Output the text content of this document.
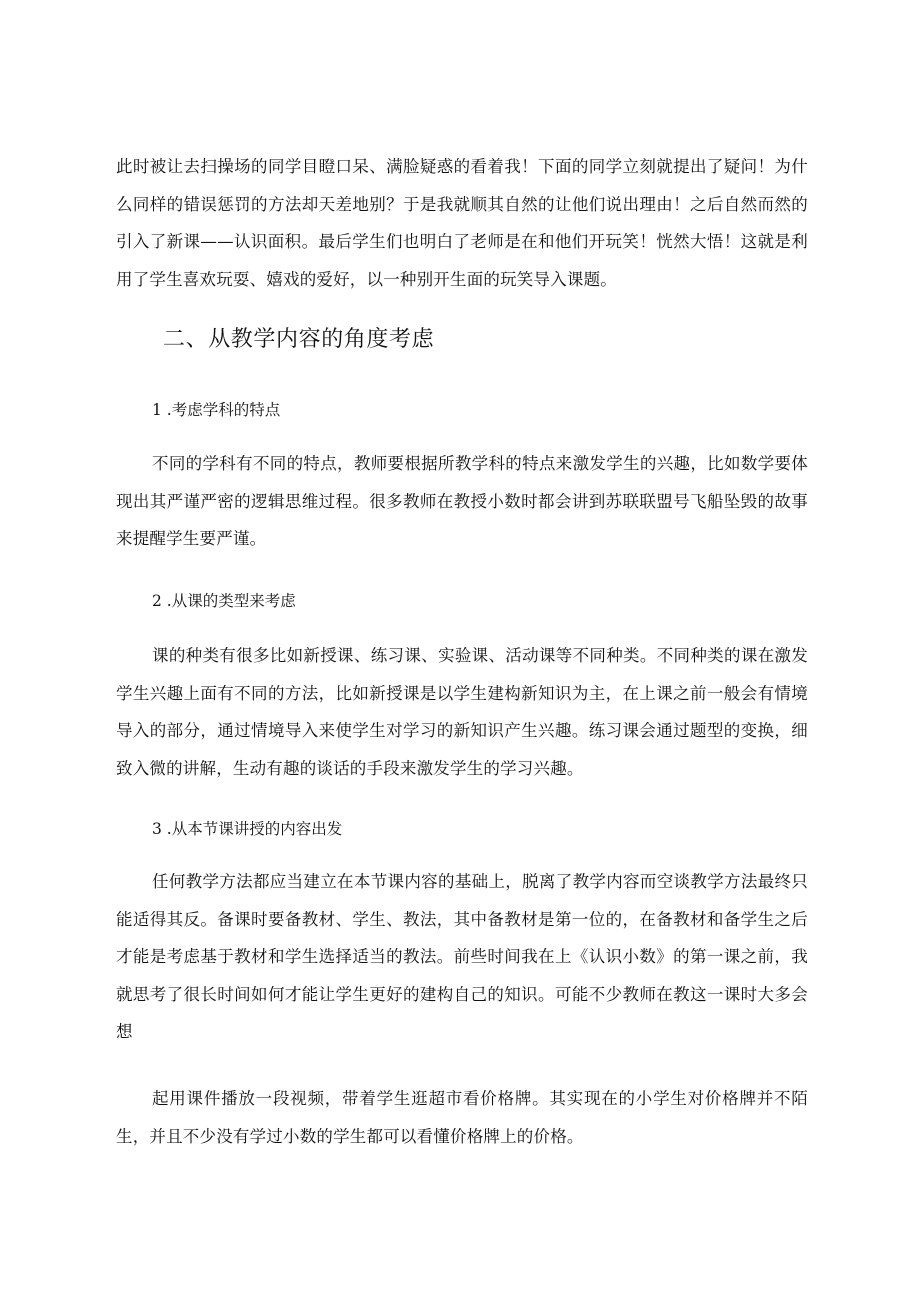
此时被让去扫操场的同学目瞪口呆、满脸疑惑的看着我！下面的同学立刻就提出了疑问！为什么同样的错误惩罚的方法却天差地别？于是我就顺其自然的让他们说出理由！之后自然而然的引入了新课——认识面积。最后学生们也明白了老师是在和他们开玩笑！恍然大悟！这就是利用了学生喜欢玩耍、嬉戏的爱好，以一种别开生面的玩笑导入课题。

二、从教学内容的角度考虑
1 .考虑学科的特点

不同的学科有不同的特点，教师要根据所教学科的特点来激发学生的兴趣，比如数学要体现出其严谨严密的逻辑思维过程。很多教师在教授小数时都会讲到苏联联盟号飞船坠毁的故事来提醒学生要严谨。

2 .从课的类型来考虑

课的种类有很多比如新授课、练习课、实验课、活动课等不同种类。不同种类的课在激发学生兴趣上面有不同的方法，比如新授课是以学生建构新知识为主，在上课之前一般会有情境导入的部分，通过情境导入来使学生对学习的新知识产生兴趣。练习课会通过题型的变换，细致入微的讲解，生动有趣的谈话的手段来激发学生的学习兴趣。

3 .从本节课讲授的内容出发

任何教学方法都应当建立在本节课内容的基础上，脱离了教学内容而空谈教学方法最终只能适得其反。备课时要备教材、学生、教法，其中备教材是第一位的，在备教材和备学生之后才能是考虑基于教材和学生选择适当的教法。前些时间我在上《认识小数》的第一课之前，我就思考了很长时间如何才能让学生更好的建构自己的知识。可能不少教师在教这一课时大多会想

起用课件播放一段视频，带着学生逛超市看价格牌。其实现在的小学生对价格牌并不陌生，并且不少没有学过小数的学生都可以看懂价格牌上的价格。
